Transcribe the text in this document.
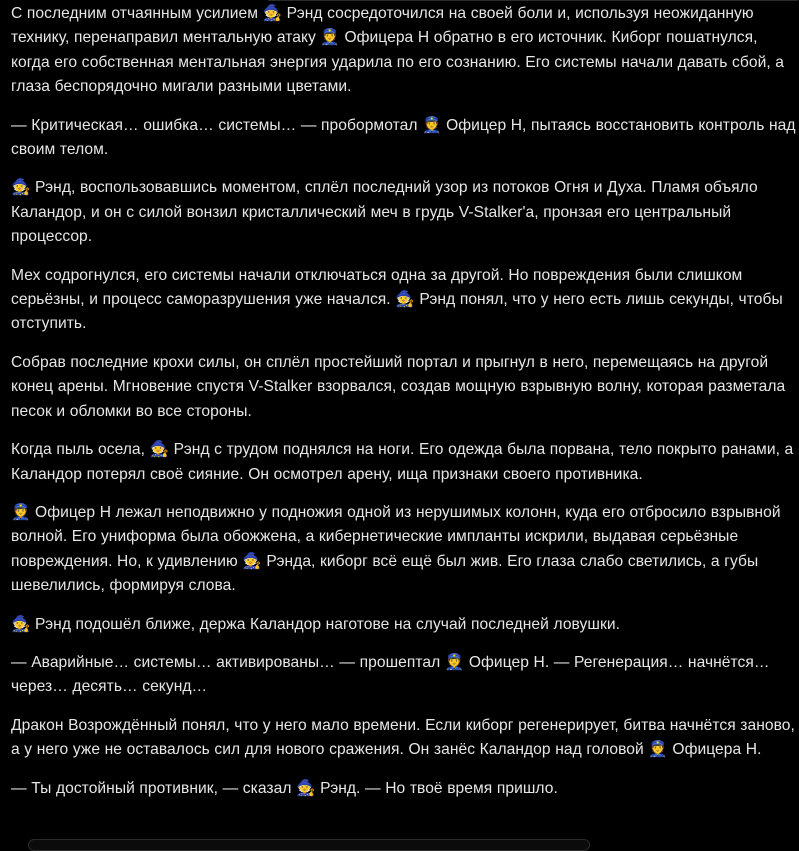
С последним отчаянным усилием 🧙 Рэнд сосредоточился на своей боли и, используя неожиданную технику, перенаправил ментальную атаку 👮 Офицера Н обратно в его источник. Киборг пошатнулся, когда его собственная ментальная энергия ударила по его сознанию. Его системы начали давать сбой, а глаза беспорядочно мигали разными цветами.

— Критическая… ошибка… системы… — пробормотал 👮 Офицер Н, пытаясь восстановить контроль над своим телом.

🧙 Рэнд, воспользовавшись моментом, сплёл последний узор из потоков Огня и Духа. Пламя объяло Каландор, и он с силой вонзил кристаллический меч в грудь V-Stalker'a, пронзая его центральный процессор.

Мех содрогнулся, его системы начали отключаться одна за другой. Но повреждения были слишком серьёзны, и процесс саморазрушения уже начался. 🧙 Рэнд понял, что у него есть лишь секунды, чтобы отступить.

Собрав последние крохи силы, он сплёл простейший портал и прыгнул в него, перемещаясь на другой конец арены. Мгновение спустя V-Stalker взорвался, создав мощную взрывную волну, которая разметала песок и обломки во все стороны.

Когда пыль осела, 🧙 Рэнд с трудом поднялся на ноги. Его одежда была порвана, тело покрыто ранами, а Каландор потерял своё сияние. Он осмотрел арену, ища признаки своего противника.

👮 Офицер Н лежал неподвижно у подножия одной из нерушимых колонн, куда его отбросило взрывной волной. Его униформа была обожжена, а кибернетические импланты искрили, выдавая серьёзные повреждения. Но, к удивлению 🧙 Рэнда, киборг всё ещё был жив. Его глаза слабо светились, а губы шевелились, формируя слова.

🧙 Рэнд подошёл ближе, держа Каландор наготове на случай последней ловушки.

— Аварийные… системы… активированы… — прошептал 👮 Офицер Н. — Регенерация… начнётся… через… десять… секунд…

Дракон Возрождённый понял, что у него мало времени. Если киборг регенерирует, битва начнётся заново, а у него уже не оставалось сил для нового сражения. Он занёс Каландор над головой 👮 Офицера Н.

— Ты достойный противник, — сказал 🧙 Рэнд. — Но твоё время пришло.
